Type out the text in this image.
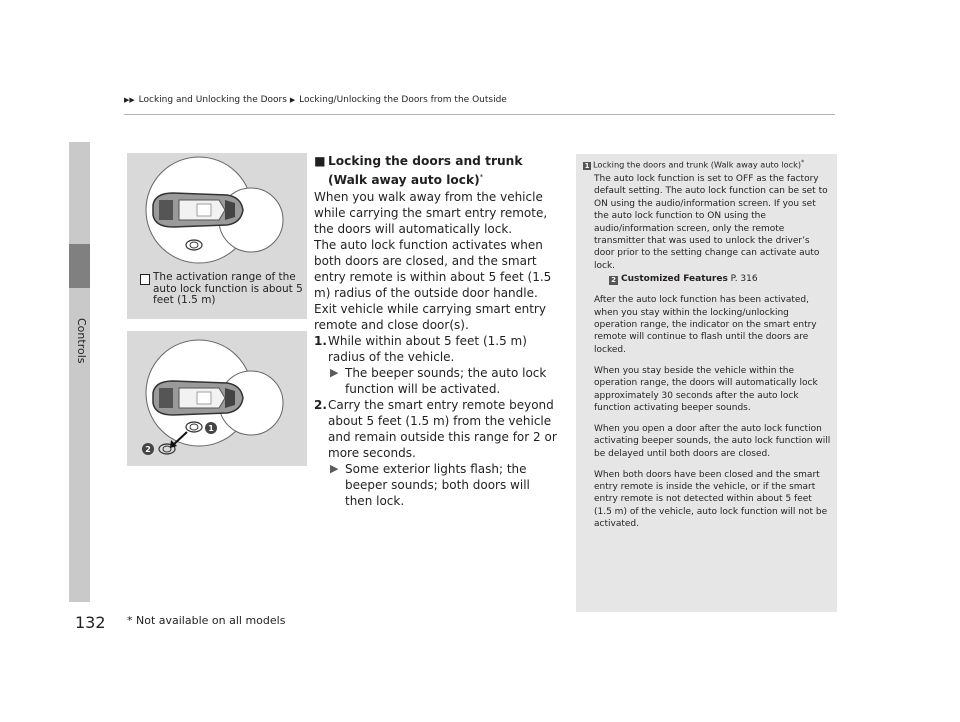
Controls
▶▶ Locking and Unlocking the Doors ▶ Locking/Unlocking the Doors from the Outside
The activation range of the auto lock function is about 5 feet (1.5 m)
1
2

■ Locking the doors and trunk (Walk away auto lock)*

When you walk away from the vehicle while carrying the smart entry remote, the doors will automatically lock.

The auto lock function activates when both doors are closed, and the smart entry remote is within about 5 feet (1.5 m) radius of the outside door handle.

Exit vehicle while carrying smart entry remote and close door(s).

1. While within about 5 feet (1.5 m) radius of the vehicle.
▶ The beeper sounds; the auto lock function will be activated.
2. Carry the smart entry remote beyond about 5 feet (1.5 m) from the vehicle and remain outside this range for 2 or more seconds.
▶ Some exterior lights flash; the beeper sounds; both doors will then lock.
1 Locking the doors and trunk (Walk away auto lock)*

The auto lock function is set to OFF as the factory default setting. The auto lock function can be set to ON using the audio/information screen. If you set the auto lock function to ON using the audio/information screen, only the remote transmitter that was used to unlock the driver’s door prior to the setting change can activate auto lock.

2 Customized Features P. 316

After the auto lock function has been activated, when you stay within the locking/unlocking operation range, the indicator on the smart entry remote will continue to flash until the doors are locked.

When you stay beside the vehicle within the operation range, the doors will automatically lock approximately 30 seconds after the auto lock function activating beeper sounds.

When you open a door after the auto lock function activating beeper sounds, the auto lock function will be delayed until both doors are closed.

When both doors have been closed and the smart entry remote is inside the vehicle, or if the smart entry remote is not detected within about 5 feet (1.5 m) of the vehicle, auto lock function will not be activated.

132 * Not available on all models
